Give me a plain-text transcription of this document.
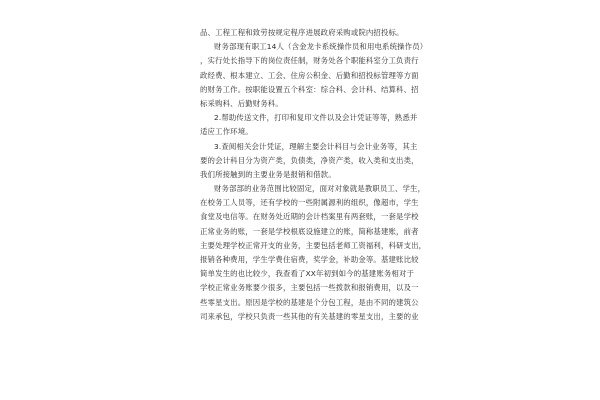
品、工程工程和致劳按规定程序进展政府采购或院内招投标。
财务部现有职工14人（含金龙卡系统操作员和用电系统操作员）
，实行处长指导下的岗位责任制，财务处各个职能科室分工负责行
政经费、根本建立、工会、住房公积金、后勤和招投标管理等方面
的财务工作。按职能设置五个科室：综合科、会计科、结算科、招
标采购科、后勤财务科。
2.帮助传送文件，打印和复印文件以及会计凭证等等，熟悉并
适应工作环境。
3.查阅相关会计凭证，理解主要会计科目与会计业务等，其主
要的会计科目分为资产类，负债类，净资产类，收入类和支出类，
我们所接触到的主要业务是报销和借款。
财务部部的业务范围比较固定，面对对象就是教职员工、学生，
在校务工人员等，还有学校的一些附属源利的组织，像超市，学生
食堂及电信等。在财务处近期的会计档案里有两套账，一套是学校
正常业务的账，一套是学校根底设施建立的账，简称基建账，前者
主要处理学校正常开支的业务，主要包括老师工资福利，科研支出，
报销各种费用，学生学费住宿费，奖学金，补助金等。基建账比较
简单发生的也比较少，我查看了XX年初到如今的基建账务相对于
学校正常业务账要少很多，主要包括一些拨款和报销费用，以及一
些零星支出。原因是学校的基建是个分包工程，是由不同的建筑公
司来承包，学校只负责一些其他的有关基建的零星支出，主要的业
